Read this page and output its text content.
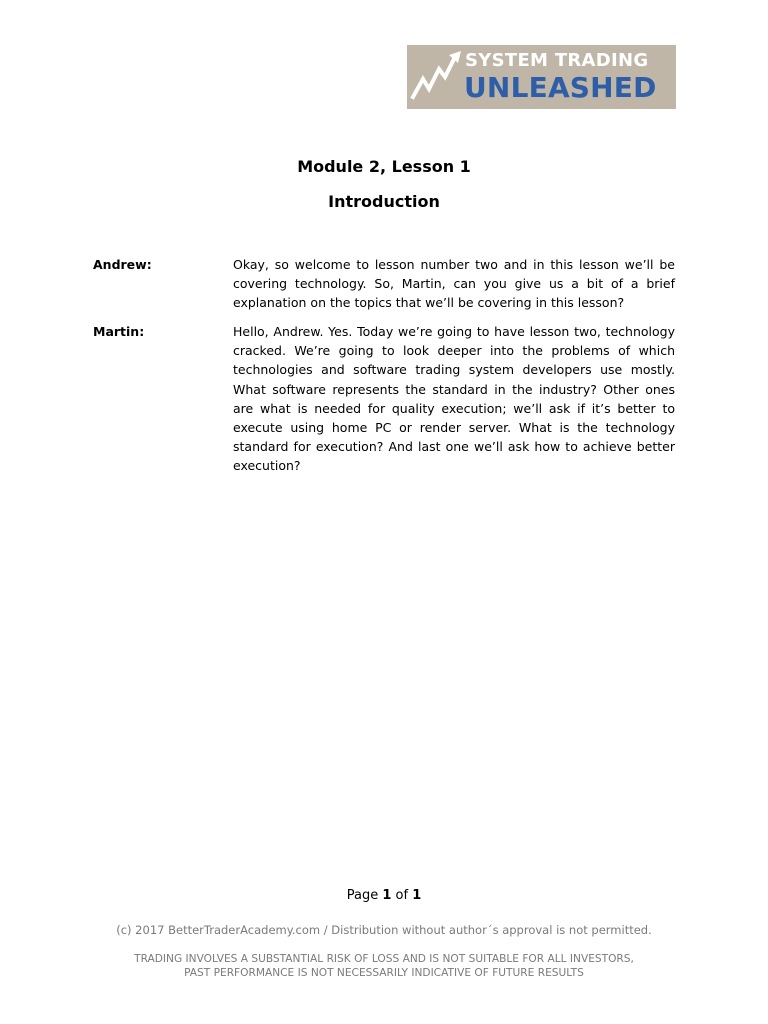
SYSTEM TRADING
UNLEASHED
Module 2, Lesson 1
Introduction
Andrew:	Okay, so welcome to lesson number two and in this lesson we’ll be covering technology. So, Martin, can you give us a bit of a brief explanation on the topics that we’ll be covering in this lesson?
Martin:	Hello, Andrew. Yes. Today we’re going to have lesson two, technology cracked. We’re going to look deeper into the problems of which technologies and software trading system developers use mostly. What software represents the standard in the industry? Other ones are what is needed for quality execution; we’ll ask if it’s better to execute using home PC or render server. What is the technology standard for execution? And last one we’ll ask how to achieve better execution?
Page 1 of 1
(c) 2017 BetterTraderAcademy.com / Distribution without author´s approval is not permitted.
TRADING INVOLVES A SUBSTANTIAL RISK OF LOSS AND IS NOT SUITABLE FOR ALL INVESTORS,
PAST PERFORMANCE IS NOT NECESSARILY INDICATIVE OF FUTURE RESULTS
